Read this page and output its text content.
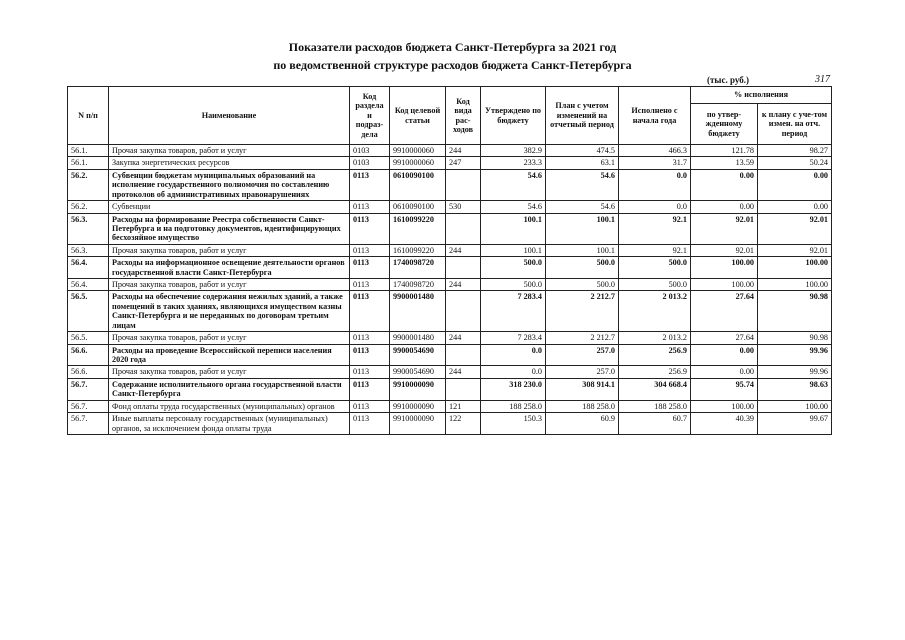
Показатели расходов бюджета Санкт-Петербурга за 2021 год
по ведомственной структуре расходов бюджета Санкт-Петербурга
(тыс. руб.)	317
N п/п	Наименование	Код раздела и подраз-дела	Код целевой статьи	Код вида рас-ходов	Утверждено по бюджету	План с учетом изменений на отчетный период	Исполнено с начала года	% исполнения	
								по утвер-жденному бюджету	к плану с уче-том измен. на отч. период
56.1.	Прочая закупка товаров, работ и услуг	0103	9910000060	244	382.9	474.5	466.3	121.78	98.27
56.1.	Закупка энергетических ресурсов	0103	9910000060	247	233.3	63.1	31.7	13.59	50.24
56.2.	Субвенции бюджетам муниципальных образований на исполнение государственного полномочия по составлению протоколов об административных правонарушениях	0113	0610090100		54.6	54.6	0.0	0.00	0.00
56.2.	Субвенции	0113	0610090100	530	54.6	54.6	0.0	0.00	0.00
56.3.	Расходы на формирование Реестра собственности Санкт-Петербурга и на подготовку документов, идентифицирующих бесхозяйное имущество	0113	1610099220		100.1	100.1	92.1	92.01	92.01
56.3.	Прочая закупка товаров, работ и услуг	0113	1610099220	244	100.1	100.1	92.1	92.01	92.01
56.4.	Расходы на информационное освещение деятельности органов государственной власти Санкт-Петербурга	0113	1740098720		500.0	500.0	500.0	100.00	100.00
56.4.	Прочая закупка товаров, работ и услуг	0113	1740098720	244	500.0	500.0	500.0	100.00	100.00
56.5.	Расходы на обеспечение содержания нежилых зданий, а также помещений в таких зданиях, являющихся имуществом казны Санкт-Петербурга и не переданных по договорам третьим лицам	0113	9900001480		7 283.4	2 212.7	2 013.2	27.64	90.98
56.5.	Прочая закупка товаров, работ и услуг	0113	9900001480	244	7 283.4	2 212.7	2 013.2	27.64	90.98
56.6.	Расходы на проведение Всероссийской переписи населения 2020 года	0113	9900054690		0.0	257.0	256.9	0.00	99.96
56.6.	Прочая закупка товаров, работ и услуг	0113	9900054690	244	0.0	257.0	256.9	0.00	99.96
56.7.	Содержание исполнительного органа государственной власти Санкт-Петербурга	0113	9910000090		318 230.0	308 914.1	304 668.4	95.74	98.63
56.7.	Фонд оплаты труда государственных (муниципальных) органов	0113	9910000090	121	188 258.0	188 258.0	188 258.0	100.00	100.00
56.7.	Иные выплаты персоналу государственных (муниципальных) органов, за исключением фонда оплаты труда	0113	9910000090	122	150.3	60.9	60.7	40.39	99.67
